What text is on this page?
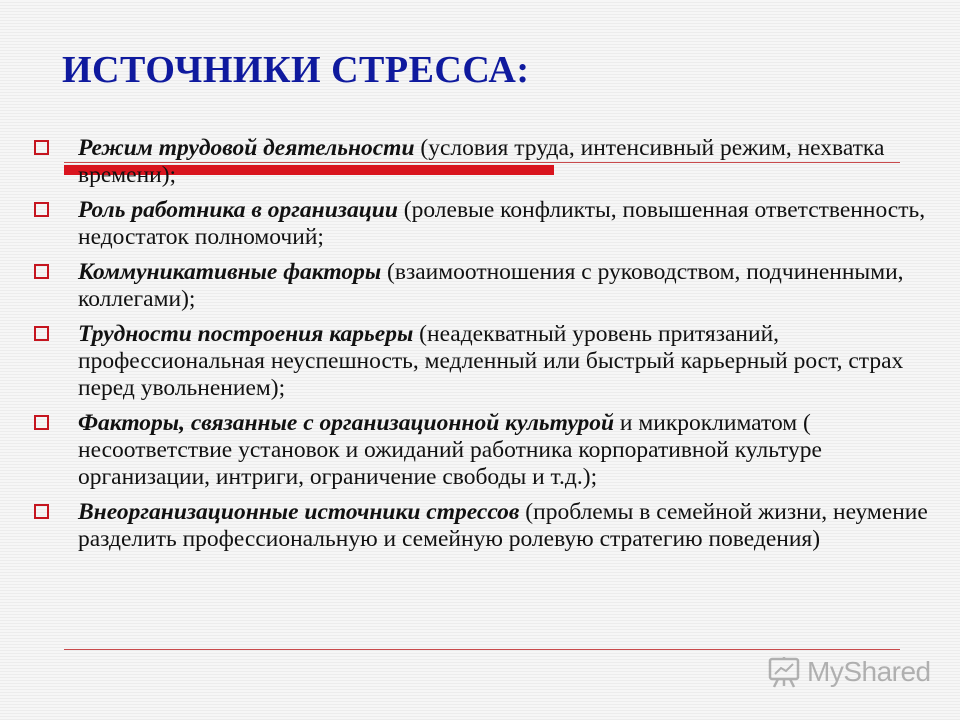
ИСТОЧНИКИ СТРЕССА:
Режим трудовой деятельности (условия труда, интенсивный режим, нехватка времени);
Роль работника в организации (ролевые конфликты, повышенная ответственность, недостаток полномочий;
Коммуникативные факторы (взаимоотношения с руководством, подчиненными, коллегами);
Трудности построения карьеры (неадекватный уровень притязаний, профессиональная неуспешность, медленный или быстрый карьерный рост, страх перед увольнением);
Факторы, связанные с организационной культурой и микроклиматом ( несоответствие установок и ожиданий работника корпоративной культуре организации, интриги, ограничение свободы и т.д.);
Внеорганизационные источники стрессов (проблемы в семейной жизни, неумение разделить профессиональную и семейную ролевую стратегию поведения)
MyShared
